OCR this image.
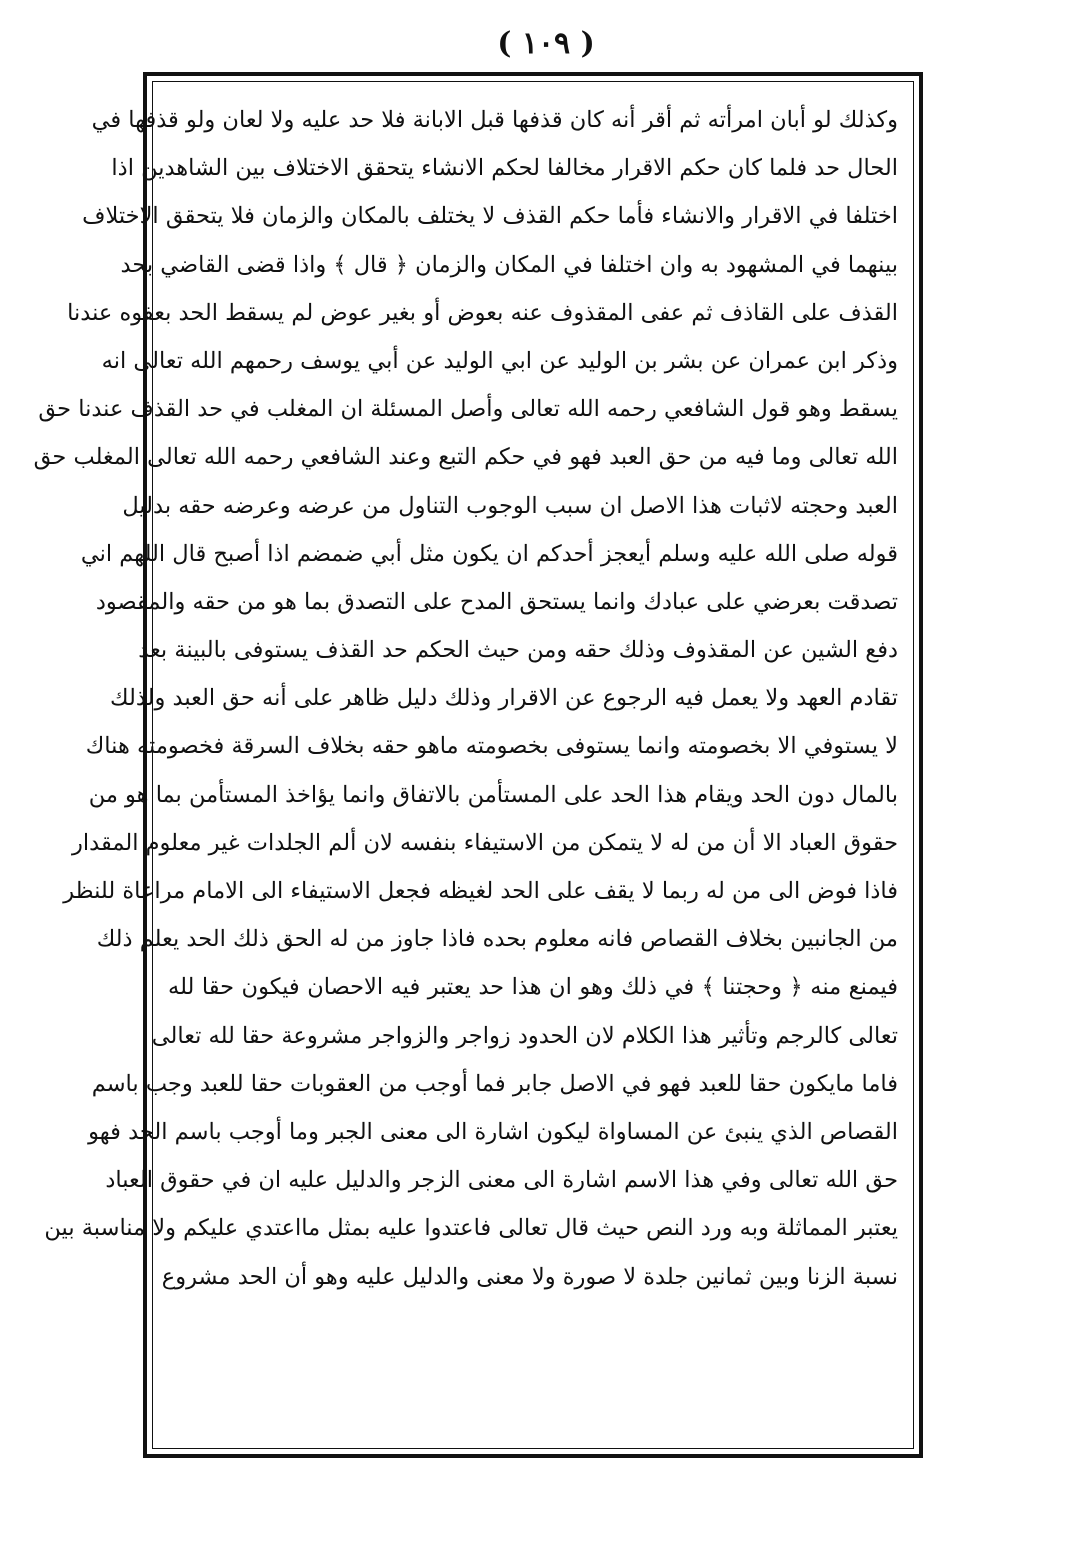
( ١٠٩ )
وكذلك لو أبان امرأته ثم أقر أنه كان قذفها قبل الابانة فلا حد عليه ولا لعان ولو قذفها في
الحال حد فلما كان حكم الاقرار مخالفا لحكم الانشاء يتحقق الاختلاف بين الشاهدين اذا
اختلفا في الاقرار والانشاء فأما حكم القذف لا يختلف بالمكان والزمان فلا يتحقق الاختلاف
بينهما في المشهود به وان اختلفا في المكان والزمان ﴿ قال ﴾ واذا قضى القاضي بحد
القذف على القاذف ثم عفى المقذوف عنه بعوض أو بغير عوض لم يسقط الحد بعفوه عندنا
وذكر ابن عمران عن بشر بن الوليد عن ابي الوليد عن أبي يوسف رحمهم الله تعالى انه
يسقط وهو قول الشافعي رحمه الله تعالى وأصل المسئلة ان المغلب في حد القذف عندنا حق
الله تعالى وما فيه من حق العبد فهو في حكم التبع وعند الشافعي رحمه الله تعالى المغلب حق
العبد وحجته لاثبات هذا الاصل ان سبب الوجوب التناول من عرضه وعرضه حقه بدليل
قوله صلى الله عليه وسلم أيعجز أحدكم ان يكون مثل أبي ضمضم اذا أصبح قال اللهم اني
تصدقت بعرضي على عبادك وانما يستحق المدح على التصدق بما هو من حقه والمقصود
دفع الشين عن المقذوف وذلك حقه ومن حيث الحكم حد القذف يستوفى بالبينة بعد
تقادم العهد ولا يعمل فيه الرجوع عن الاقرار وذلك دليل ظاهر على أنه حق العبد ولذلك
لا يستوفي الا بخصومته وانما يستوفى بخصومته ماهو حقه بخلاف السرقة فخصومته هناك
بالمال دون الحد ويقام هذا الحد على المستأمن بالاتفاق وانما يؤاخذ المستأمن بما هو من
حقوق العباد الا أن من له لا يتمكن من الاستيفاء بنفسه لان ألم الجلدات غير معلوم المقدار
فاذا فوض الى من له ربما لا يقف على الحد لغيظه فجعل الاستيفاء الى الامام مراعاة للنظر
من الجانبين بخلاف القصاص فانه معلوم بحده فاذا جاوز من له الحق ذلك الحد يعلم ذلك
فيمنع منه ﴿ وحجتنا ﴾ في ذلك وهو ان هذا حد يعتبر فيه الاحصان فيكون حقا لله
تعالى كالرجم وتأثير هذا الكلام لان الحدود زواجر والزواجر مشروعة حقا لله تعالى
فاما مايكون حقا للعبد فهو في الاصل جابر فما أوجب من العقوبات حقا للعبد وجب باسم
القصاص الذي ينبئ عن المساواة ليكون اشارة الى معنى الجبر وما أوجب باسم الحد فهو
حق الله تعالى وفي هذا الاسم اشارة الى معنى الزجر والدليل عليه ان في حقوق العباد
يعتبر المماثلة وبه ورد النص حيث قال تعالى فاعتدوا عليه بمثل مااعتدي عليكم ولا مناسبة بين
نسبة الزنا وبين ثمانين جلدة لا صورة ولا معنى والدليل عليه وهو أن الحد مشروع
